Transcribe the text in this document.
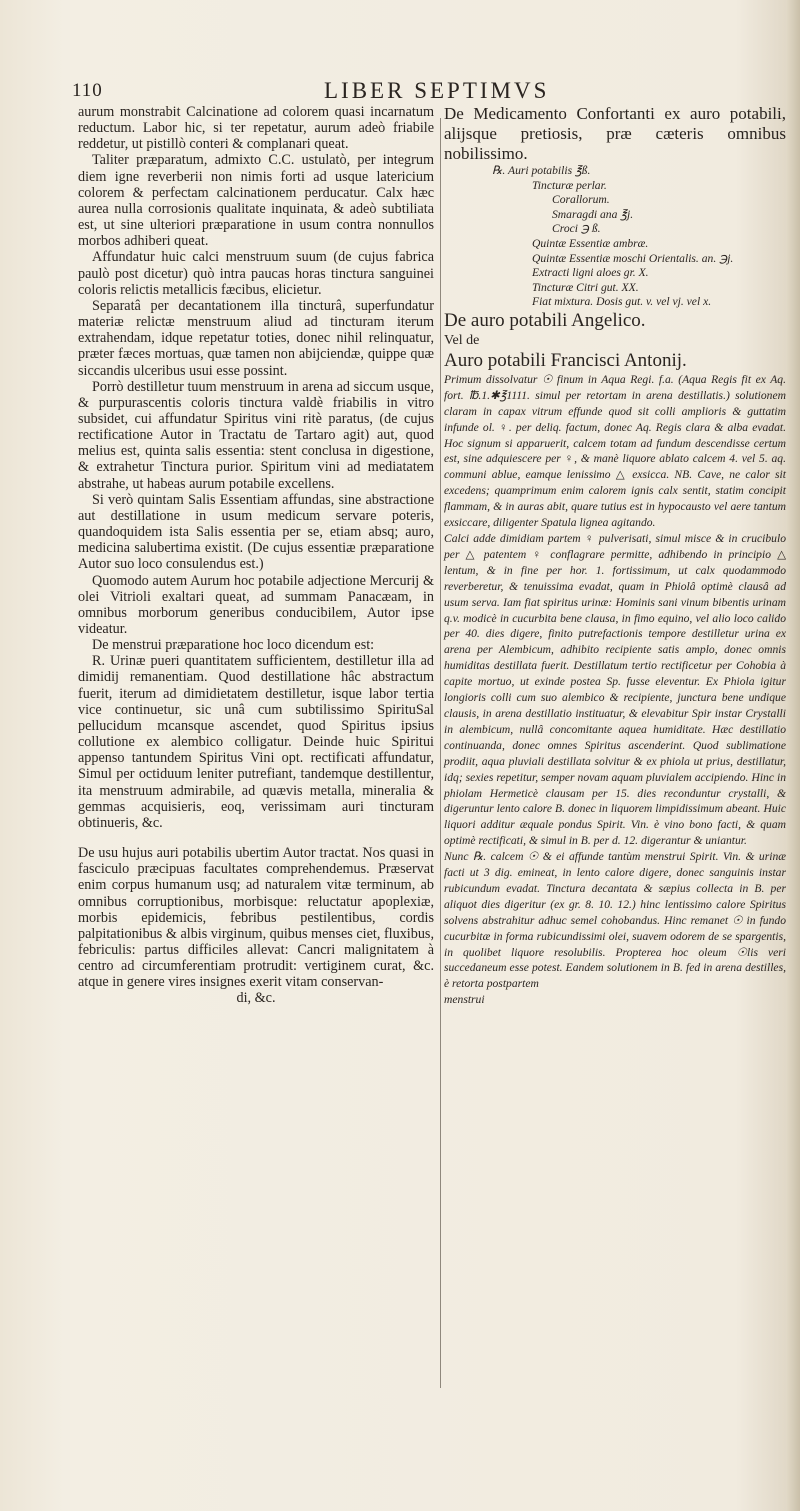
110	LIBER SEPTIMVS

aurum monstrabit Calcinatione ad colorem quasi incarnatum reductum. Labor hic, si ter repetatur, aurum adeò friabile reddetur, ut pistillò conteri & complanari queat.

Taliter præparatum, admixto C.C. ustulatò, per integrum diem igne reverberii non nimis forti ad usque latericium colorem & perfectam calcinationem perducatur. Calx hæc aurea nulla corrosionis qualitate inquinata, & adeò subtiliata est, ut sine ulteriori præparatione in usum contra nonnullos morbos adhiberi queat.

Affundatur huic calci menstruum suum (de cujus fabrica paulò post dicetur) quò intra paucas horas tinctura sanguinei coloris relictis metallicis fæcibus, elicietur.

Separatâ per decantationem illa tincturâ, superfundatur materiæ relictæ menstruum aliud ad tincturam iterum extrahendam, idque repetatur toties, donec nihil relinquatur, præter fæces mortuas, quæ tamen non abijciendæ, quippe quæ siccandis ulceribus usui esse possint.

Porrò destilletur tuum menstruum in arena ad siccum usque, & purpurascentis coloris tinctura valdè friabilis in vitro subsidet, cui affundatur Spiritus vini ritè paratus, (de cujus rectificatione Autor in Tractatu de Tartaro agit) aut, quod melius est, quinta salis essentia: stent conclusa in digestione, & extrahetur Tinctura purior. Spiritum vini ad mediatatem abstrahe, ut habeas aurum potabile excellens.

Si verò quintam Salis Essentiam affundas, sine abstractione aut destillatione in usum medicum servare poteris, quandoquidem ista Salis essentia per se, etiam absq; auro, medicina salubertima existit. (De cujus essentiæ præparatione Autor suo loco consulendus est.)

Quomodo autem Aurum hoc potabile adjectione Mercurij & olei Vitrioli exaltari queat, ad summam Panacæam, in omnibus morborum generibus conducibilem, Autor ipse videatur.

De menstrui præparatione hoc loco dicendum est:

R. Urinæ pueri quantitatem sufficientem, destilletur illa ad dimidij remanentiam. Quod destillatione hâc abstractum fuerit, iterum ad dimidietatem destilletur, isque labor tertia vice continuetur, sic unâ cum subtilissimo SpirituSal pellucidum mcansque ascendet, quod Spiritus ipsius collutione ex alembico colligatur. Deinde huic Spiritui appenso tantundem Spiritus Vini opt. rectificati affundatur, Simul per octiduum leniter putrefiant, tandemque destillentur, ita menstruum admirabile, ad quævis metalla, mineralia & gemmas acquisieris, eoq, verissimam auri tincturam obtinueris, &c.

De usu hujus auri potabilis ubertim Autor tractat. Nos quasi in fasciculo præcipuas facultates comprehendemus. Præservat enim corpus humanum usq; ad naturalem vitæ terminum, ab omnibus corruptionibus, morbisque: reluctatur apoplexiæ, morbis epidemicis, febribus pestilentibus, cordis palpitationibus & albis virginum, quibus menses ciet, fluxibus, febriculis: partus difficiles allevat: Cancri malignitatem à centro ad circumferentiam protrudit: vertiginem curat, &c. atque in genere vires insignes exerit vitam conservan-

di, &c.

De Medicamento Confortanti ex auro potabili, alijsque pretiosis, præ cæteris omnibus nobilissimo.

℞. Auri potabilis ℥ß.
Tincturæ perlar.
Corallorum.
Smaragdi ana ℥j.
Croci ℈ ß.
Quintæ Essentiæ ambræ.
Quintæ Essentiæ moschi Orientalis. an. ℈j.
Extracti ligni aloes gr. X.
Tincturæ Citri gut. XX.
Fiat mixtura. Dosis gut. v. vel vj. vel x.

De auro potabili Angelico.

Vel de

Auro potabili Francisci Antonij.

Primum dissolvatur ☉ finum in Aqua Regi. f.a. (Aqua Regis fit ex Aq. fort. ℔.1.✱℥1111. simul per retortam in arena destillatis.) solutionem claram in capax vitrum effunde quod sit colli amplioris & guttatim infunde ol. ♀. per deliq. factum, donec Aq. Regis clara & alba evadat. Hoc signum si apparuerit, calcem totam ad fundum descendisse certum est, sine adquiescere per ♀, & manè liquore ablato calcem 4. vel 5. aq. communi ablue, eamque lenissimo △ exsicca. NB. Cave, ne calor sit excedens; quamprimum enim calorem ignis calx sentit, statim concipit flammam, & in auras abit, quare tutius est in hypocausto vel aere tantum exsiccare, diligenter Spatula lignea agitando.

Calci adde dimidiam partem ♀ pulverisati, simul misce & in crucibulo per △ patentem ♀ conflagrare permitte, adhibendo in principio △ lentum, & in fine per hor. 1. fortissimum, ut calx quodammodo reverberetur, & tenuissima evadat, quam in Phiolâ optimè clausâ ad usum serva. Iam fiat spiritus urinæ: Hominis sani vinum bibentis urinam q.v. modicè in cucurbita bene clausa, in fimo equino, vel alio loco calido per 40. dies digere, finito putrefactionis tempore destilletur urina ex arena per Alembicum, adhibito recipiente satis amplo, donec omnis humiditas destillata fuerit. Destillatum tertio rectificetur per Cohobia à capite mortuo, ut exinde postea Sp. fusse eleventur. Ex Phiola igitur longioris colli cum suo alembico & recipiente, junctura bene undique clausis, in arena destillatio instituatur, & elevabitur Spir instar Crystalli in alembicum, nullâ concomitante aquea humiditate. Hæc destillatio continuanda, donec omnes Spiritus ascenderint. Quod sublimatione prodiit, aqua pluviali destillata solvitur & ex phiola ut prius, destillatur, idq; sexies repetitur, semper novam aquam pluvialem accipiendo. Hinc in phiolam Hermeticè clausam per 15. dies reconduntur crystalli, & digeruntur lento calore B. donec in liquorem limpidissimum abeant. Huic liquori additur æquale pondus Spirit. Vin. è vino bono facti, & quam optimè rectificati, & simul in B. per d. 12. digerantur & uniantur.

Nunc ℞. calcem ☉ & ei affunde tantùm menstrui Spirit. Vin. & urinæ facti ut 3 dig. emineat, in lento calore digere, donec sanguinis instar rubicundum evadat. Tinctura decantata & sæpius collecta in B. per aliquot dies digeritur (ex gr. 8. 10. 12.) hinc lentissimo calore Spiritus solvens abstrahitur adhuc semel cohobandus. Hinc remanet ☉ in fundo cucurbitæ in forma rubicundissimi olei, suavem odorem de se spargentis, in quolibet liquore resolubilis. Propterea hoc oleum ☉lis veri succedaneum esse potest. Eandem solutionem in B. fed in arena destilles, è retorta postpartem

menstrui
